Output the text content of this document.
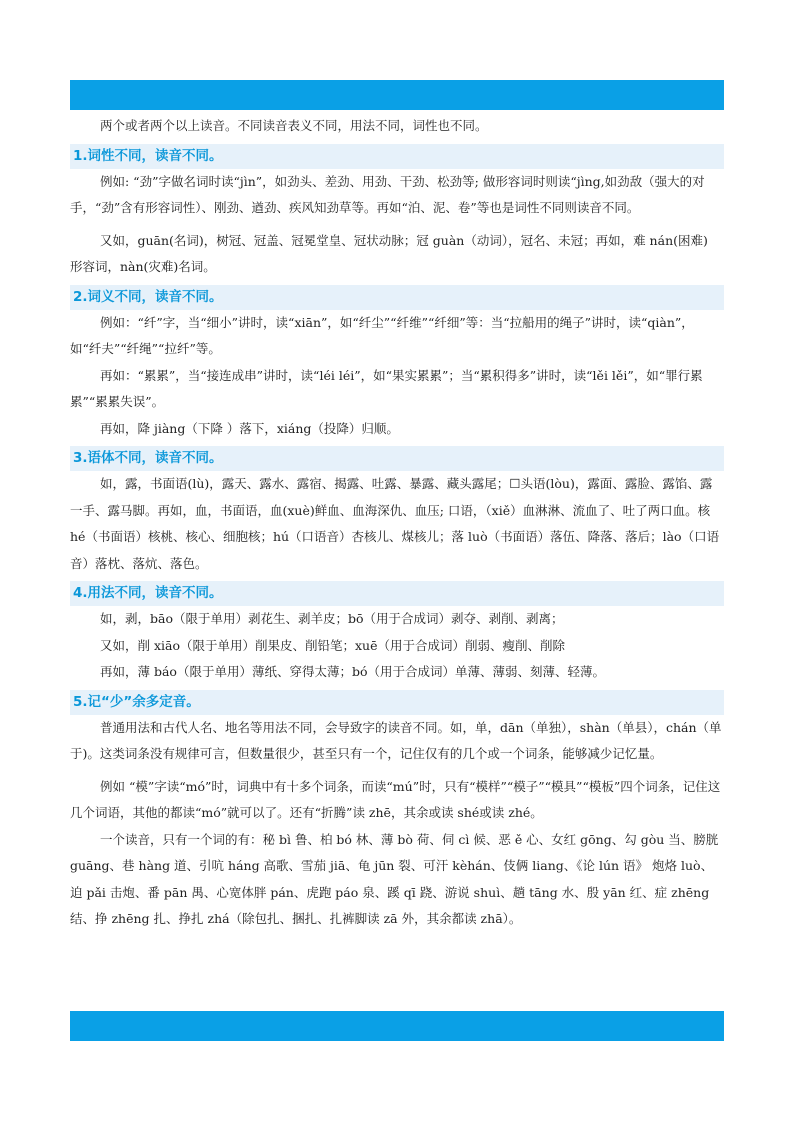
两个或者两个以上读音。不同读音表义不同，用法不同，词性也不同。

1.词性不同，读音不同。

例如: “劲”字做名词时读“jìn”，如劲头、差劲、用劲、干劲、松劲等; 做形容词时则读“jìng,如劲敌（强大的对手，“劲”含有形容词性）、刚劲、遒劲、疾风知劲草等。再如“泊、泥、卷”等也是词性不同则读音不同。

又如，guān(名词)，树冠、冠盖、冠冕堂皇、冠状动脉；冠 guàn（动词），冠名、未冠；再如，难 nán(困难) 形容词，nàn(灾难)名词。

2.词义不同，读音不同。

例如：“纤”字，当“细小”讲时，读“xiān”，如“纤尘”“纤维”“纤细”等：当“拉船用的绳子”讲时，读“qiàn”，如“纤夫”“纤绳”“拉纤”等。

再如：“累累”，当“接连成串”讲时，读“léi léi”，如“果实累累”；当“累积得多”讲时，读“lěi lěi”，如“罪行累累”“累累失误”。

再如，降 jiàng（下降 ）落下，xiáng（投降）归顺。

3.语体不同，读音不同。

如，露，书面语(lù)，露天、露水、露宿、揭露、吐露、暴露、藏头露尾；☐头语(lòu)，露面、露脸、露馅、露一手、露马脚。再如，血，书面语，血(xuè)鲜血、血海深仇、血压; 口语，（xiě）血淋淋、流血了、吐了两口血。核 hé（书面语）核桃、核心、细胞核；hú（口语音）杏核儿、煤核儿；落 luò（书面语）落伍、降落、落后；lào（口语音）落枕、落炕、落色。

4.用法不同，读音不同。

如，剥，bāo（限于单用）剥花生、剥羊皮；bō（用于合成词）剥夺、剥削、剥离；

又如，削 xiāo（限于单用）削果皮、削铅笔；xuē（用于合成词）削弱、瘦削、削除

再如，薄 báo（限于单用）薄纸、穿得太薄；bó（用于合成词）单薄、薄弱、刻薄、轻薄。

5.记“少”余多定音。

普通用法和古代人名、地名等用法不同，会导致字的读音不同。如，单，dān（单独），shàn（单县），chán（单于)。这类词条没有规律可言，但数量很少，甚至只有一个，记住仅有的几个或一个词条，能够减少记忆量。

例如 “模”字读“mó”时，词典中有十多个词条，而读“mú”时，只有“模样”“模子”“模具”“模板”四个词条，记住这几个词语，其他的都读“mó”就可以了。还有“折腾”读 zhē，其余或读 shé或读 zhé。

一个读音，只有一个词的有：秘 bì 鲁、柏 bó 林、薄 bò 荷、伺 cì 候、恶 ě 心、女红 gōng、勾 gòu 当、膀胱 guāng、巷 hàng 道、引吭 háng 高歌、雪茄 jiā、龟 jūn 裂、可汗 kèhán、伎俩 liang、《论 lún 语》 炮烙 luò、迫 pǎi 击炮、番 pān 禺、心宽体胖 pán、虎跑 páo 泉、蹊 qī 跷、游说 shuì、趟 tāng 水、殷 yān 红、症 zhēng 结、挣 zhēng 扎、挣扎 zhá（除包扎、捆扎、扎裤脚读 zā 外，其余都读 zhā）。
